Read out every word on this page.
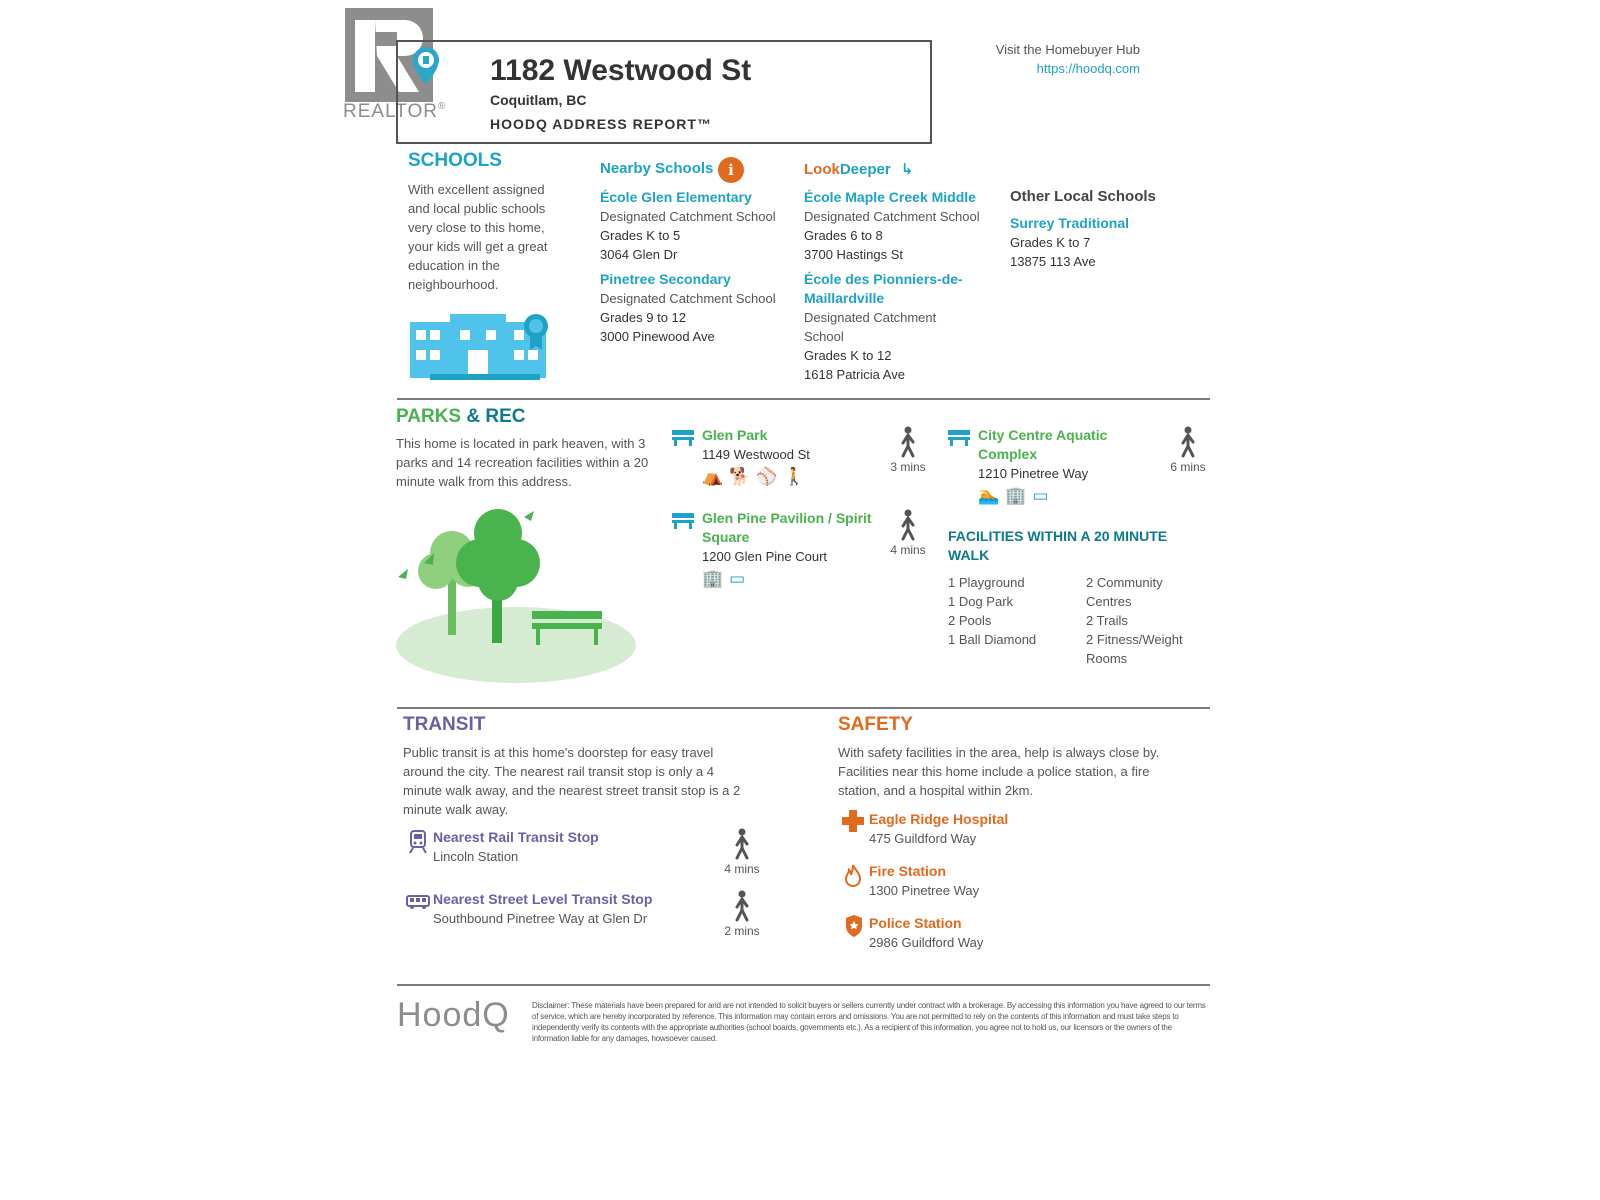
REALTOR®
1182 Westwood St
Coquitlam, BC
HOODQ ADDRESS REPORT™
Visit the Homebuyer Hub
https://hoodq.com
SCHOOLS
With excellent assigned and local public schools very close to this home, your kids will get a great education in the neighbourhood.
Nearby Schools i	LookDeeper ↳
École Glen Elementary
Designated Catchment School
Grades K to 5
3064 Glen Dr
Pinetree Secondary
Designated Catchment School
Grades 9 to 12
3000 Pinewood Ave
École Maple Creek Middle
Designated Catchment School
Grades 6 to 8
3700 Hastings St
École des Pionniers-de-Maillardville
Designated Catchment School
Grades K to 12
1618 Patricia Ave
Other Local Schools
Surrey Traditional
Grades K to 7
13875 113 Ave
PARKS & REC
This home is located in park heaven, with 3 parks and 14 recreation facilities within a 20 minute walk from this address.
Glen Park
1149 Westwood St
⛺ 🐕 ⚾ 🚶	3 mins
Glen Pine Pavilion / Spirit Square
1200 Glen Pine Court
🏢 ▭
4 mins
City Centre Aquatic Complex
1210 Pinetree Way
🏊 🏢 ▭
6 mins
FACILITIES WITHIN A 20 MINUTE WALK
1 Playground
1 Dog Park
2 Pools
1 Ball Diamond
2 Community Centres
2 Trails
2 Fitness/Weight Rooms
TRANSIT
Public transit is at this home's doorstep for easy travel around the city. The nearest rail transit stop is only a 4 minute walk away, and the nearest street transit stop is a 2 minute walk away.
Nearest Rail Transit Stop
Lincoln Station
4 mins
Nearest Street Level Transit Stop
Southbound Pinetree Way at Glen Dr
2 mins
SAFETY
With safety facilities in the area, help is always close by. Facilities near this home include a police station, a fire station, and a hospital within 2km.
Eagle Ridge Hospital
475 Guildford Way
Fire Station
1300 Pinetree Way
Police Station
2986 Guildford Way
HoodQ	Disclaimer: These materials have been prepared for and are not intended to solicit buyers or sellers currently under contract with a brokerage. By accessing this information you have agreed to our terms of service, which are hereby incorporated by reference. This information may contain errors and omissions. You are not permitted to rely on the contents of this information and must take steps to independently verify its contents with the appropriate authorities (school boards, governments etc.). As a recipient of this information, you agree not to hold us, our licensors or the owners of the information liable for any damages, howsoever caused.
